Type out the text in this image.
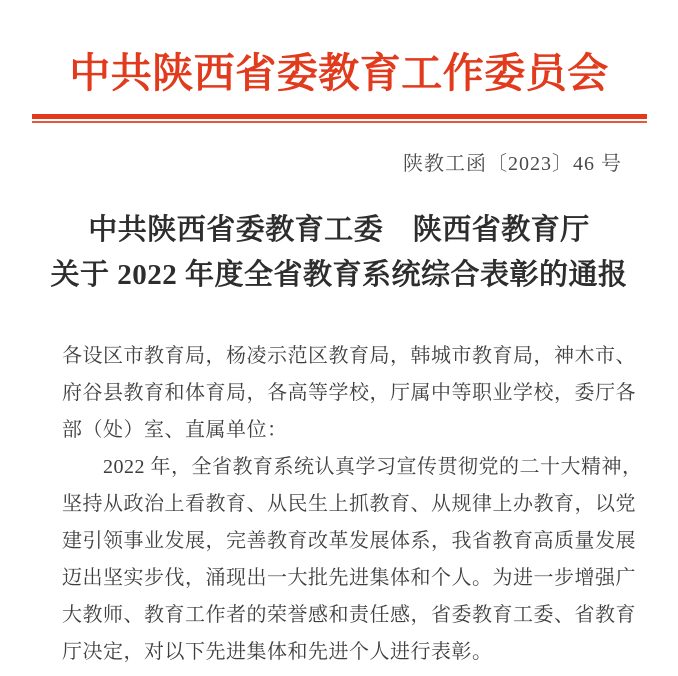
中共陕西省委教育工作委员会
陕教工函〔2023〕46 号
中共陕西省委教育工委　陕西省教育厅
关于 2022 年度全省教育系统综合表彰的通报
各设区市教育局，杨凌示范区教育局，韩城市教育局，神木市、
府谷县教育和体育局，各高等学校，厅属中等职业学校，委厅各
部（处）室、直属单位：
2022 年，全省教育系统认真学习宣传贯彻党的二十大精神，
坚持从政治上看教育、从民生上抓教育、从规律上办教育，以党
建引领事业发展，完善教育改革发展体系，我省教育高质量发展
迈出坚实步伐，涌现出一大批先进集体和个人。为进一步增强广
大教师、教育工作者的荣誉感和责任感，省委教育工委、省教育
厅决定，对以下先进集体和先进个人进行表彰。
